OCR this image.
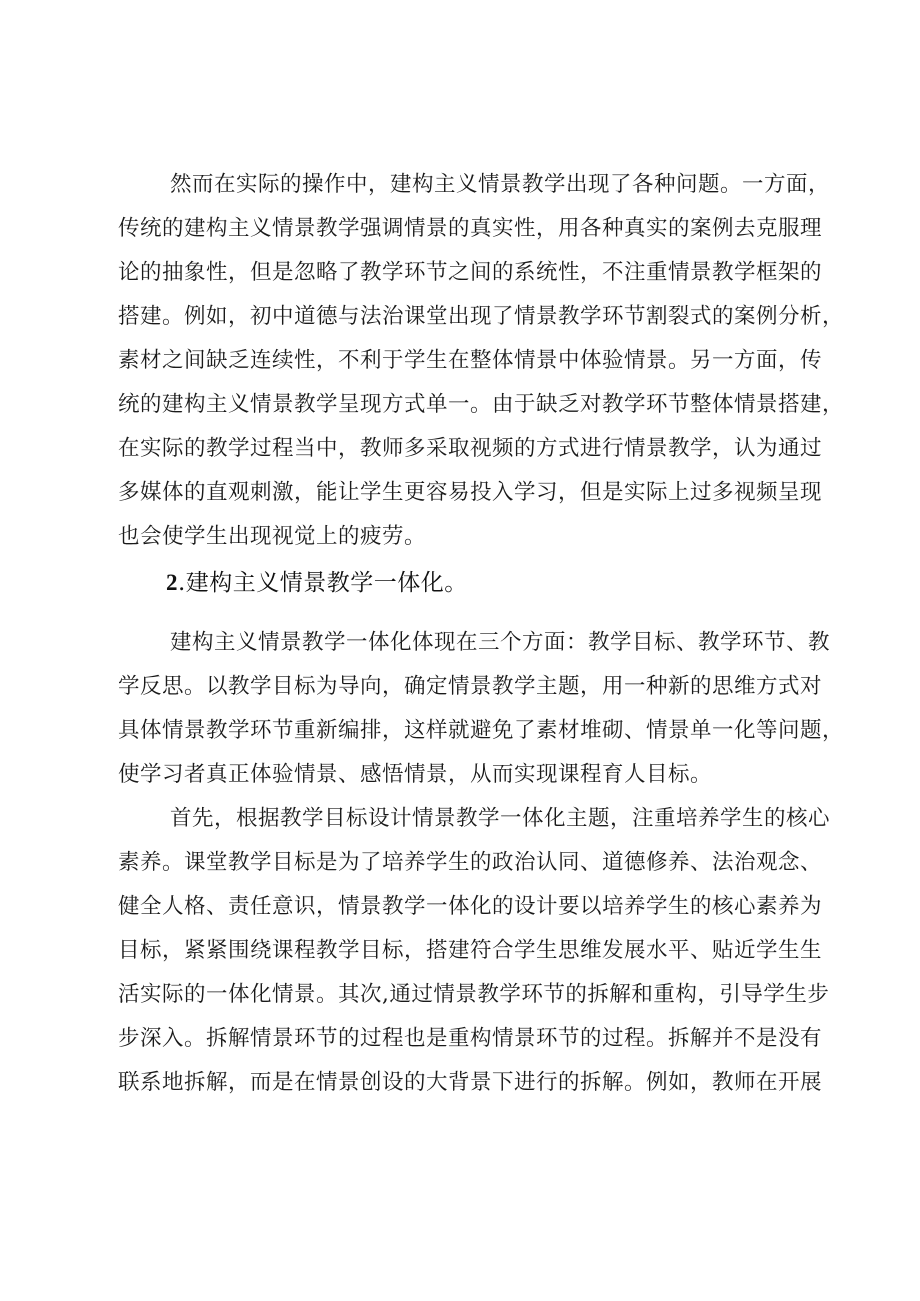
然而在实际的操作中，建构主义情景教学出现了各种问题。一方面，
传统的建构主义情景教学强调情景的真实性，用各种真实的案例去克服理
论的抽象性，但是忽略了教学环节之间的系统性，不注重情景教学框架的
搭建。例如，初中道德与法治课堂出现了情景教学环节割裂式的案例分析，
素材之间缺乏连续性，不利于学生在整体情景中体验情景。另一方面，传
统的建构主义情景教学呈现方式单一。由于缺乏对教学环节整体情景搭建，
在实际的教学过程当中，教师多采取视频的方式进行情景教学，认为通过
多媒体的直观刺激，能让学生更容易投入学习，但是实际上过多视频呈现
也会使学生出现视觉上的疲劳。
2.建构主义情景教学一体化。
建构主义情景教学一体化体现在三个方面：教学目标、教学环节、教
学反思。以教学目标为导向，确定情景教学主题，用一种新的思维方式对
具体情景教学环节重新编排，这样就避免了素材堆砌、情景单一化等问题，
使学习者真正体验情景、感悟情景，从而实现课程育人目标。
首先，根据教学目标设计情景教学一体化主题，注重培养学生的核心
素养。课堂教学目标是为了培养学生的政治认同、道德修养、法治观念、
健全人格、责任意识，情景教学一体化的设计要以培养学生的核心素养为
目标，紧紧围绕课程教学目标，搭建符合学生思维发展水平、贴近学生生
活实际的一体化情景。其次,通过情景教学环节的拆解和重构，引导学生步
步深入。拆解情景环节的过程也是重构情景环节的过程。拆解并不是没有
联系地拆解，而是在情景创设的大背景下进行的拆解。例如，教师在开展
